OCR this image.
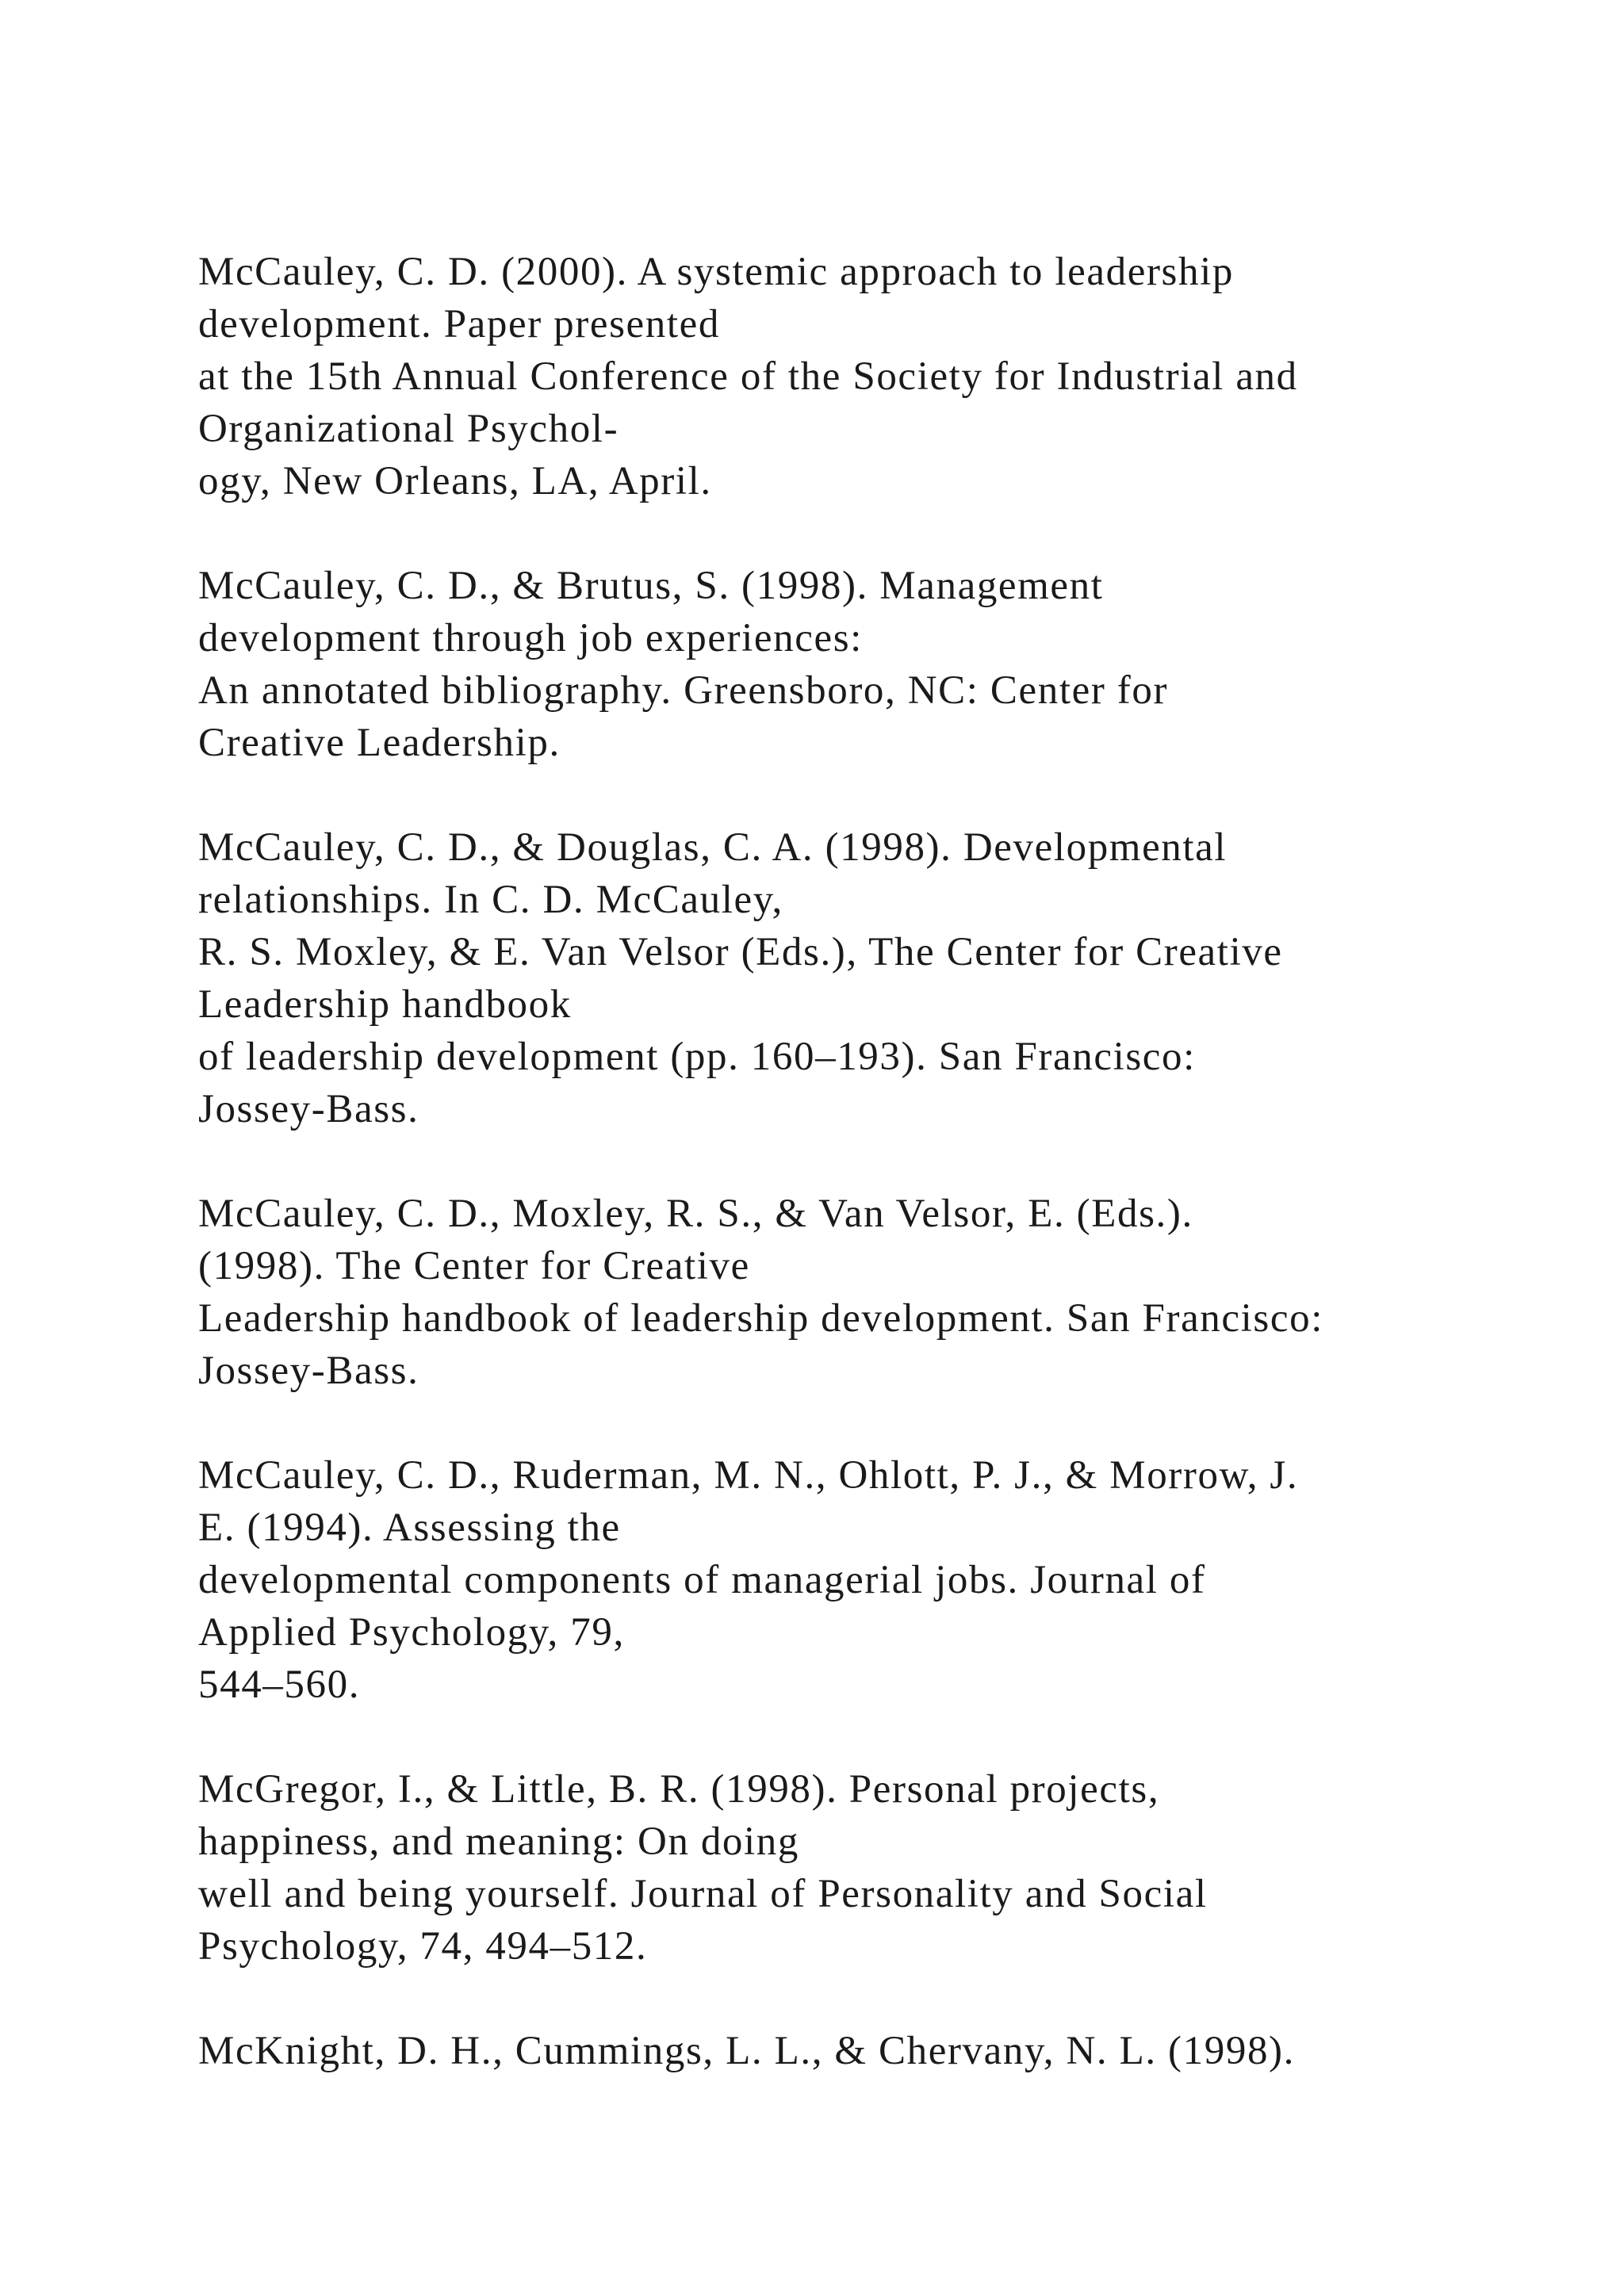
McCauley, C. D. (2000). A systemic approach to leadership
development. Paper presented
at the 15th Annual Conference of the Society for Industrial and
Organizational Psychol-
ogy, New Orleans, LA, April.
McCauley, C. D., & Brutus, S. (1998). Management
development through job experiences:
An annotated bibliography. Greensboro, NC: Center for
Creative Leadership.
McCauley, C. D., & Douglas, C. A. (1998). Developmental
relationships. In C. D. McCauley,
R. S. Moxley, & E. Van Velsor (Eds.), The Center for Creative
Leadership handbook
of leadership development (pp. 160–193). San Francisco:
Jossey-Bass.
McCauley, C. D., Moxley, R. S., & Van Velsor, E. (Eds.).
(1998). The Center for Creative
Leadership handbook of leadership development. San Francisco:
Jossey-Bass.
McCauley, C. D., Ruderman, M. N., Ohlott, P. J., & Morrow, J.
E. (1994). Assessing the
developmental components of managerial jobs. Journal of
Applied Psychology, 79,
544–560.
McGregor, I., & Little, B. R. (1998). Personal projects,
happiness, and meaning: On doing
well and being yourself. Journal of Personality and Social
Psychology, 74, 494–512.
McKnight, D. H., Cummings, L. L., & Chervany, N. L. (1998).
